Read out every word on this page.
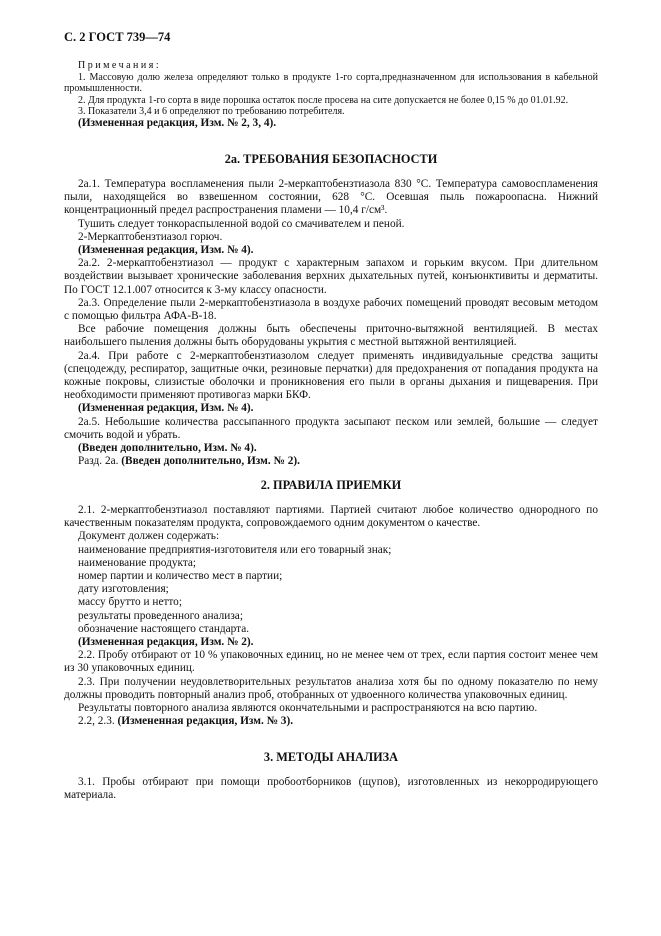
С. 2 ГОСТ 739—74
Примечания:

1. Массовую долю железа определяют только в продукте 1-го сорта,предназначенном для использования в кабельной промышленности.

2. Для продукта 1-го сорта в виде порошка остаток после просева на сите допускается не более 0,15 % до 01.01.92.

3. Показатели 3,4 и 6 определяют по требованию потребителя.

(Измененная редакция, Изм. № 2, 3, 4).

2а. ТРЕБОВАНИЯ БЕЗОПАСНОСТИ

2а.1. Температура воспламенения пыли 2-меркаптобензтиазола 830 °С. Температура самовоспламенения пыли, находящейся во взвешенном состоянии, 628 °С. Осевшая пыль пожароопасна. Нижний концентрационный предел распространения пламени — 10,4 г/см³.

Тушить следует тонкораспыленной водой со смачивателем и пеной.

2-Меркаптобензтиазол горюч.

(Измененная редакция, Изм. № 4).

2а.2. 2-меркаптобензтиазол — продукт с характерным запахом и горьким вкусом. При длительном воздействии вызывает хронические заболевания верхних дыхательных путей, конъюнктивиты и дерматиты. По ГОСТ 12.1.007 относится к 3-му классу опасности.

2а.3. Определение пыли 2-меркаптобензтиазола в воздухе рабочих помещений проводят весовым методом с помощью фильтра АФА-В-18.

Все рабочие помещения должны быть обеспечены приточно-вытяжной вентиляцией. В местах наибольшего пыления должны быть оборудованы укрытия с местной вытяжной вентиляцией.

2а.4. При работе с 2-меркаптобензтиазолом следует применять индивидуальные средства защиты (спецодежду, респиратор, защитные очки, резиновые перчатки) для предохранения от попадания продукта на кожные покровы, слизистые оболочки и проникновения его пыли в органы дыхания и пищеварения. При необходимости применяют противогаз марки БКФ.

(Измененная редакция, Изм. № 4).

2а.5. Небольшие количества рассыпанного продукта засыпают песком или землей, большие — следует смочить водой и убрать.

(Введен дополнительно, Изм. № 4).

Разд. 2а. (Введен дополнительно, Изм. № 2).

2. ПРАВИЛА ПРИЕМКИ

2.1. 2-меркаптобензтиазол поставляют партиями. Партией считают любое количество однородного по качественным показателям продукта, сопровождаемого одним документом о качестве.

Документ должен содержать:

наименование предприятия-изготовителя или его товарный знак;

наименование продукта;

номер партии и количество мест в партии;

дату изготовления;

массу брутто и нетто;

результаты проведенного анализа;

обозначение настоящего стандарта.

(Измененная редакция, Изм. № 2).

2.2. Пробу отбирают от 10 % упаковочных единиц, но не менее чем от трех, если партия состоит менее чем из 30 упаковочных единиц.

2.3. При получении неудовлетворительных результатов анализа хотя бы по одному показателю по нему должны проводить повторный анализ проб, отобранных от удвоенного количества упаковочных единиц.

Результаты повторного анализа являются окончательными и распространяются на всю партию.

2.2, 2.3. (Измененная редакция, Изм. № 3).

3. МЕТОДЫ АНАЛИЗА

3.1. Пробы отбирают при помощи пробоотборников (щупов), изготовленных из некорродирующего материала.
